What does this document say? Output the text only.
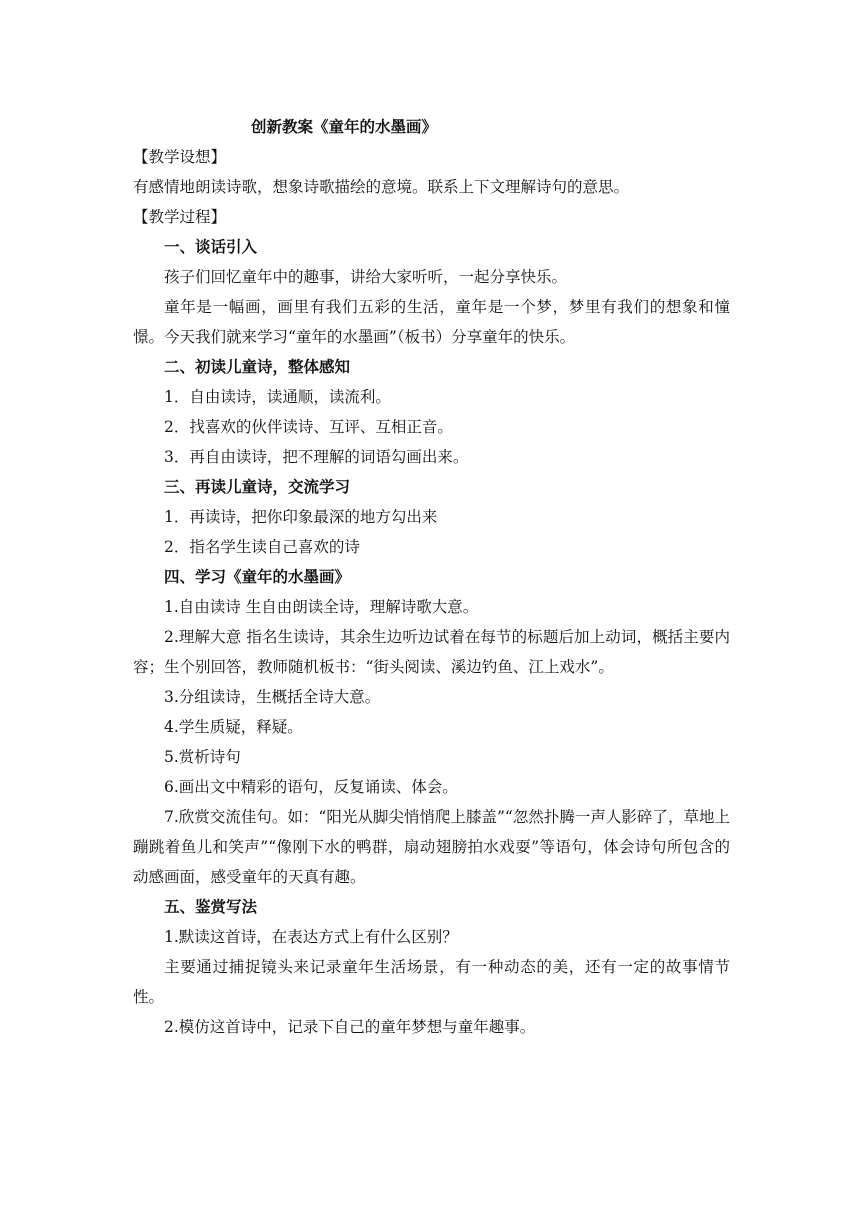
创新教案《童年的水墨画》
【教学设想】
有感情地朗读诗歌，想象诗歌描绘的意境。联系上下文理解诗句的意思。
【教学过程】
一、谈话引入
孩子们回忆童年中的趣事，讲给大家听听，一起分享快乐。
童年是一幅画，画里有我们五彩的生活，童年是一个梦，梦里有我们的想象和憧憬。今天我们就来学习“童年的水墨画”（板书）分享童年的快乐。
二、初读儿童诗，整体感知
1．自由读诗，读通顺，读流利。
2．找喜欢的伙伴读诗、互评、互相正音。
3．再自由读诗，把不理解的词语勾画出来。
三、再读儿童诗，交流学习
1．再读诗，把你印象最深的地方勾出来
2．指名学生读自己喜欢的诗
四、学习《童年的水墨画》
1.自由读诗 生自由朗读全诗，理解诗歌大意。
2.理解大意 指名生读诗，其余生边听边试着在每节的标题后加上动词，概括主要内容；生个别回答，教师随机板书：“街头阅读、溪边钓鱼、江上戏水”。
3.分组读诗，生概括全诗大意。
4.学生质疑，释疑。
5.赏析诗句
6.画出文中精彩的语句，反复诵读、体会。
7.欣赏交流佳句。如：“阳光从脚尖悄悄爬上膝盖”“忽然扑腾一声人影碎了，草地上蹦跳着鱼儿和笑声”“像刚下水的鸭群，扇动翅膀拍水戏耍”等语句，体会诗句所包含的动感画面，感受童年的天真有趣。
五、鉴赏写法
1.默读这首诗，在表达方式上有什么区别？
主要通过捕捉镜头来记录童年生活场景，有一种动态的美，还有一定的故事情节性。
2.模仿这首诗中，记录下自己的童年梦想与童年趣事。
